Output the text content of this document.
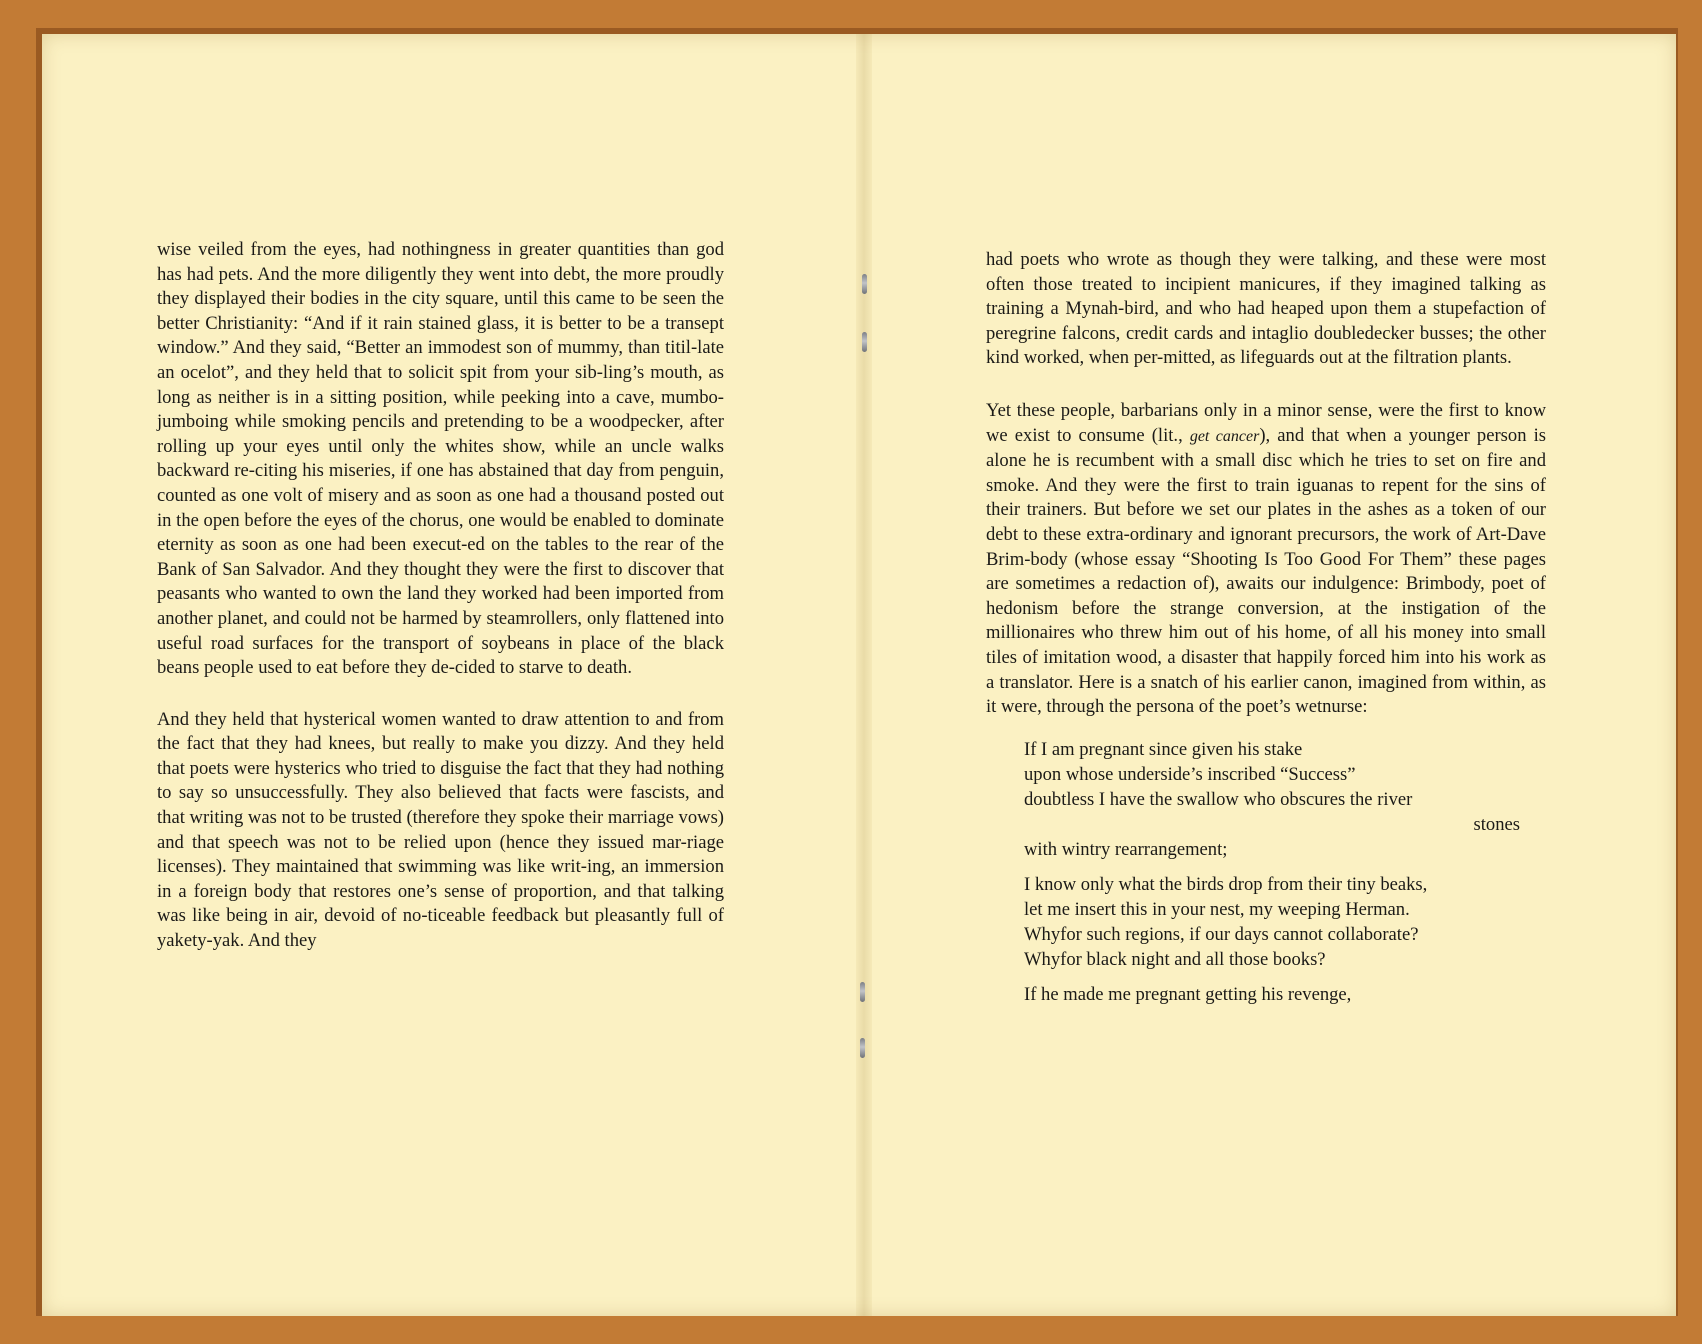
wise veiled from the eyes, had nothingness in greater quantities than god has had pets. And the more diligently they went into debt, the more proudly they displayed their bodies in the city square, until this came to be seen the better Christianity: “And if it rain stained glass, it is better to be a transept window.” And they said, “Better an immodest son of mummy, than titil-late an ocelot”, and they held that to solicit spit from your sib-ling’s mouth, as long as neither is in a sitting position, while peeking into a cave, mumbo-jumboing while smoking pencils and pretending to be a woodpecker, after rolling up your eyes until only the whites show, while an uncle walks backward re-citing his miseries, if one has abstained that day from penguin, counted as one volt of misery and as soon as one had a thousand posted out in the open before the eyes of the chorus, one would be enabled to dominate eternity as soon as one had been execut-ed on the tables to the rear of the Bank of San Salvador. And they thought they were the first to discover that peasants who wanted to own the land they worked had been imported from another planet, and could not be harmed by steamrollers, only flattened into useful road surfaces for the transport of soybeans in place of the black beans people used to eat before they de-cided to starve to death.

And they held that hysterical women wanted to draw attention to and from the fact that they had knees, but really to make you dizzy. And they held that poets were hysterics who tried to disguise the fact that they had nothing to say so unsuccessfully. They also believed that facts were fascists, and that writing was not to be trusted (therefore they spoke their marriage vows) and that speech was not to be relied upon (hence they issued mar-riage licenses). They maintained that swimming was like writ-ing, an immersion in a foreign body that restores one’s sense of proportion, and that talking was like being in air, devoid of no-ticeable feedback but pleasantly full of yakety-yak. And they

had poets who wrote as though they were talking, and these were most often those treated to incipient manicures, if they imagined talking as training a Mynah-bird, and who had heaped upon them a stupefaction of peregrine falcons, credit cards and intaglio doubledecker busses; the other kind worked, when per-mitted, as lifeguards out at the filtration plants.

Yet these people, barbarians only in a minor sense, were the first to know we exist to consume (lit., get cancer), and that when a younger person is alone he is recumbent with a small disc which he tries to set on fire and smoke. And they were the first to train iguanas to repent for the sins of their trainers. But before we set our plates in the ashes as a token of our debt to these extra-ordinary and ignorant precursors, the work of Art-Dave Brim-body (whose essay “Shooting Is Too Good For Them” these pages are sometimes a redaction of), awaits our indulgence: Brimbody, poet of hedonism before the strange conversion, at the instigation of the millionaires who threw him out of his home, of all his money into small tiles of imitation wood, a disaster that happily forced him into his work as a translator. Here is a snatch of his earlier canon, imagined from within, as it were, through the persona of the poet’s wetnurse:

If I am pregnant since given his stake
upon whose underside’s inscribed “Success”
doubtless I have the swallow who obscures the river
stones
with wintry rearrangement;
I know only what the birds drop from their tiny beaks,
let me insert this in your nest, my weeping Herman.
Whyfor such regions, if our days cannot collaborate?
Whyfor black night and all those books?
If he made me pregnant getting his revenge,
